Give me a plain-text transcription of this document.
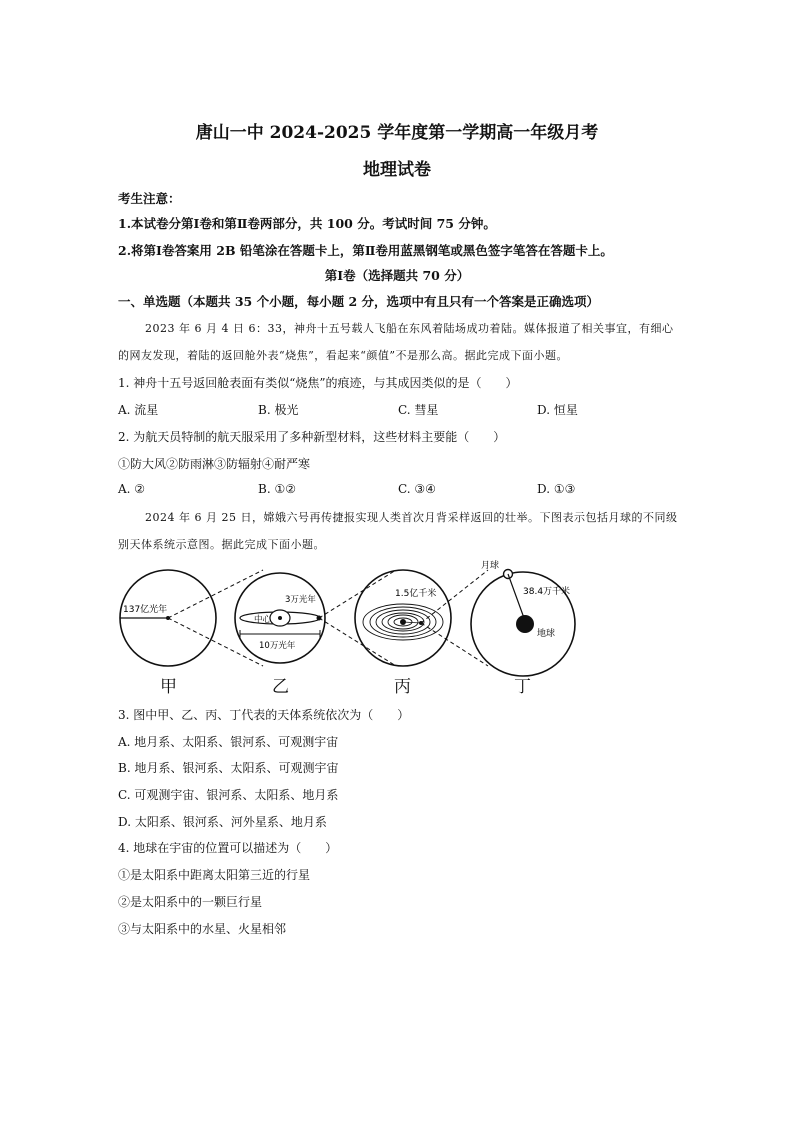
唐山一中 2024-2025 学年度第一学期高一年级月考
地理试卷
考生注意：
1.本试卷分第Ⅰ卷和第Ⅱ卷两部分，共 100 分。考试时间 75 分钟。
2.将第Ⅰ卷答案用 2B 铅笔涂在答题卡上，第Ⅱ卷用蓝黑钢笔或黑色签字笔答在答题卡上。
第Ⅰ卷（选择题共 70 分）
一、单选题（本题共 35 个小题，每小题 2 分，选项中有且只有一个答案是正确选项）
2023 年 6 月 4 日 6：33，神舟十五号载人飞船在东风着陆场成功着陆。媒体报道了相关事宜，有细心
的网友发现，着陆的返回舱外表“烧焦”，看起来“颜值”不是那么高。据此完成下面小题。
1. 神舟十五号返回舱表面有类似“烧焦”的痕迹，与其成因类似的是（　　）
A. 流星	B. 极光	C. 彗星	D. 恒星
2. 为航天员特制的航天服采用了多种新型材料，这些材料主要能（　　）
①防大风②防雨淋③防辐射④耐严寒
A. ②	B. ①②	C. ③④	D. ①③
2024 年 6 月 25 日，嫦娥六号再传捷报实现人类首次月背采样返回的壮举。下图表示包括月球的不同级
别天体系统示意图。据此完成下面小题。
137亿光年
3万光年
中心
10万光年
1.5亿千米
月球
38.4万千米
地球
甲	乙	丙	丁
3. 图中甲、乙、丙、丁代表的天体系统依次为（　　）
A. 地月系、太阳系、银河系、可观测宇宙
B. 地月系、银河系、太阳系、可观测宇宙
C. 可观测宇宙、银河系、太阳系、地月系
D. 太阳系、银河系、河外星系、地月系
4. 地球在宇宙的位置可以描述为（　　）
①是太阳系中距离太阳第三近的行星
②是太阳系中的一颗巨行星
③与太阳系中的水星、火星相邻
